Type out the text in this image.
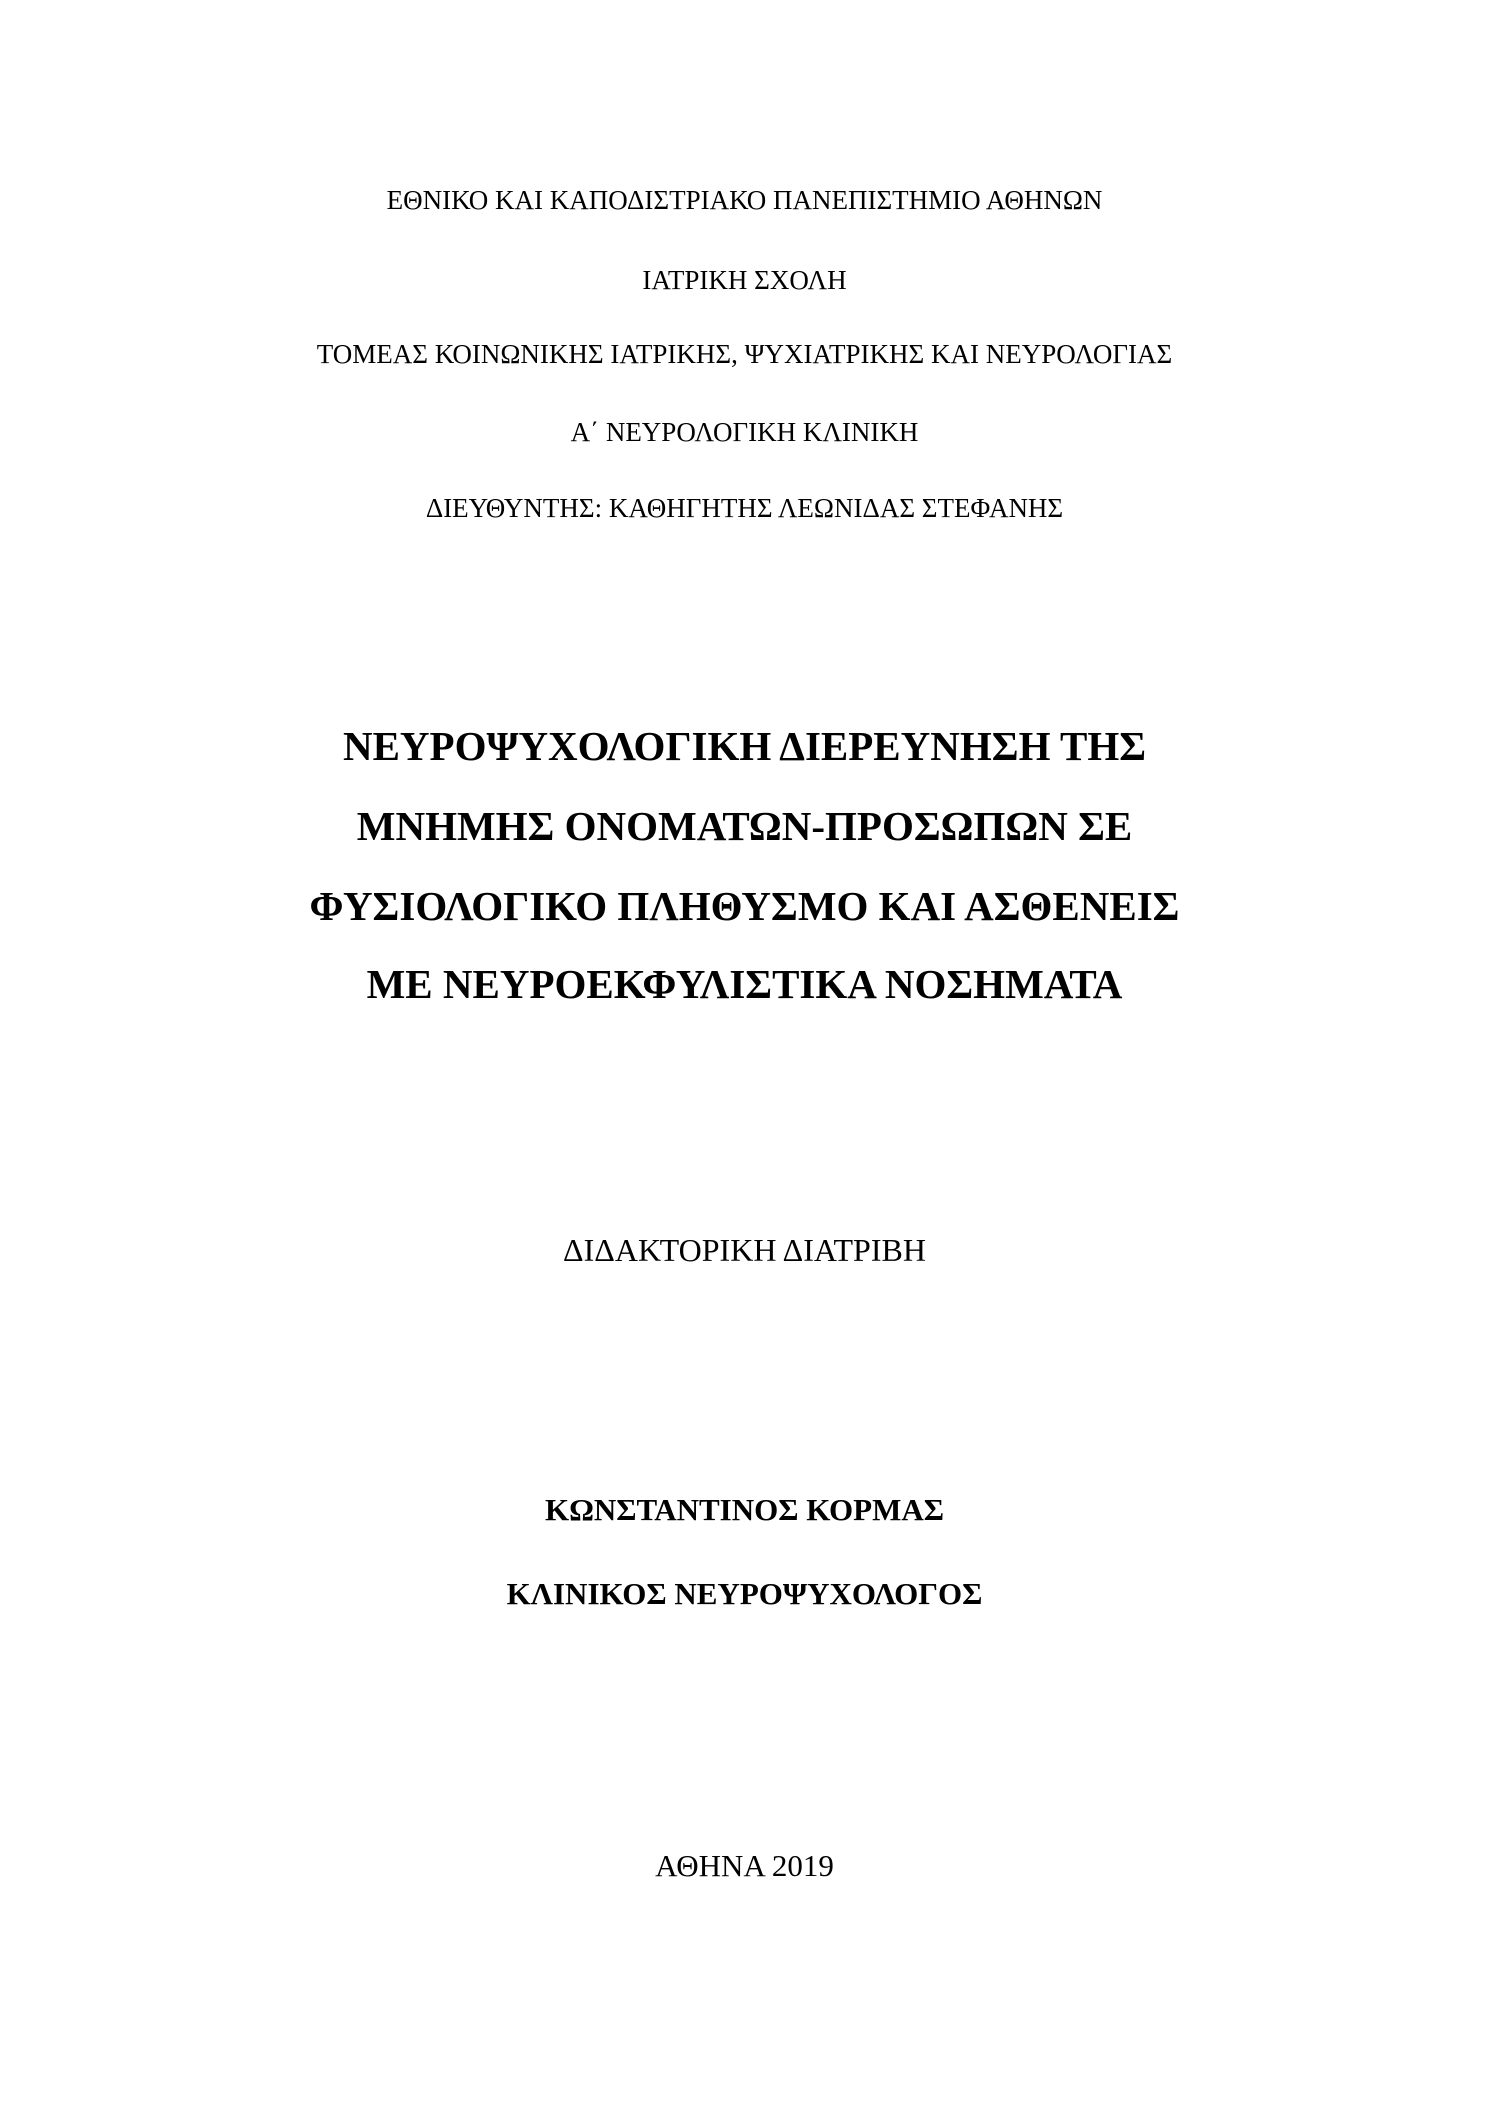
ΕΘΝΙΚΟ ΚΑΙ ΚΑΠΟΔΙΣΤΡΙΑΚΟ ΠΑΝΕΠΙΣΤΗΜΙΟ ΑΘΗΝΩΝ
ΙΑΤΡΙΚΗ ΣΧΟΛΗ
ΤΟΜΕΑΣ ΚΟΙΝΩΝΙΚΗΣ ΙΑΤΡΙΚΗΣ, ΨΥΧΙΑΤΡΙΚΗΣ ΚΑΙ ΝΕΥΡΟΛΟΓΙΑΣ
Α΄ ΝΕΥΡΟΛΟΓΙΚΗ ΚΛΙΝΙΚΗ
ΔΙΕΥΘΥΝΤΗΣ: ΚΑΘΗΓΗΤΗΣ ΛΕΩΝΙΔΑΣ ΣΤΕΦΑΝΗΣ
ΝΕΥΡΟΨΥΧΟΛΟΓΙΚΗ ΔΙΕΡΕΥΝΗΣΗ ΤΗΣ
ΜΝΗΜΗΣ ΟΝΟΜΑΤΩΝ-ΠΡΟΣΩΠΩΝ ΣΕ
ΦΥΣΙΟΛΟΓΙΚΟ ΠΛΗΘΥΣΜΟ ΚΑΙ ΑΣΘΕΝΕΙΣ
ΜΕ ΝΕΥΡΟΕΚΦΥΛΙΣΤΙΚΑ ΝΟΣΗΜΑΤΑ
ΔΙΔΑΚΤΟΡΙΚΗ ΔΙΑΤΡΙΒΗ
ΚΩΝΣΤΑΝΤΙΝΟΣ ΚΟΡΜΑΣ
ΚΛΙΝΙΚΟΣ ΝΕΥΡΟΨΥΧΟΛΟΓΟΣ
ΑΘΗΝΑ 2019
